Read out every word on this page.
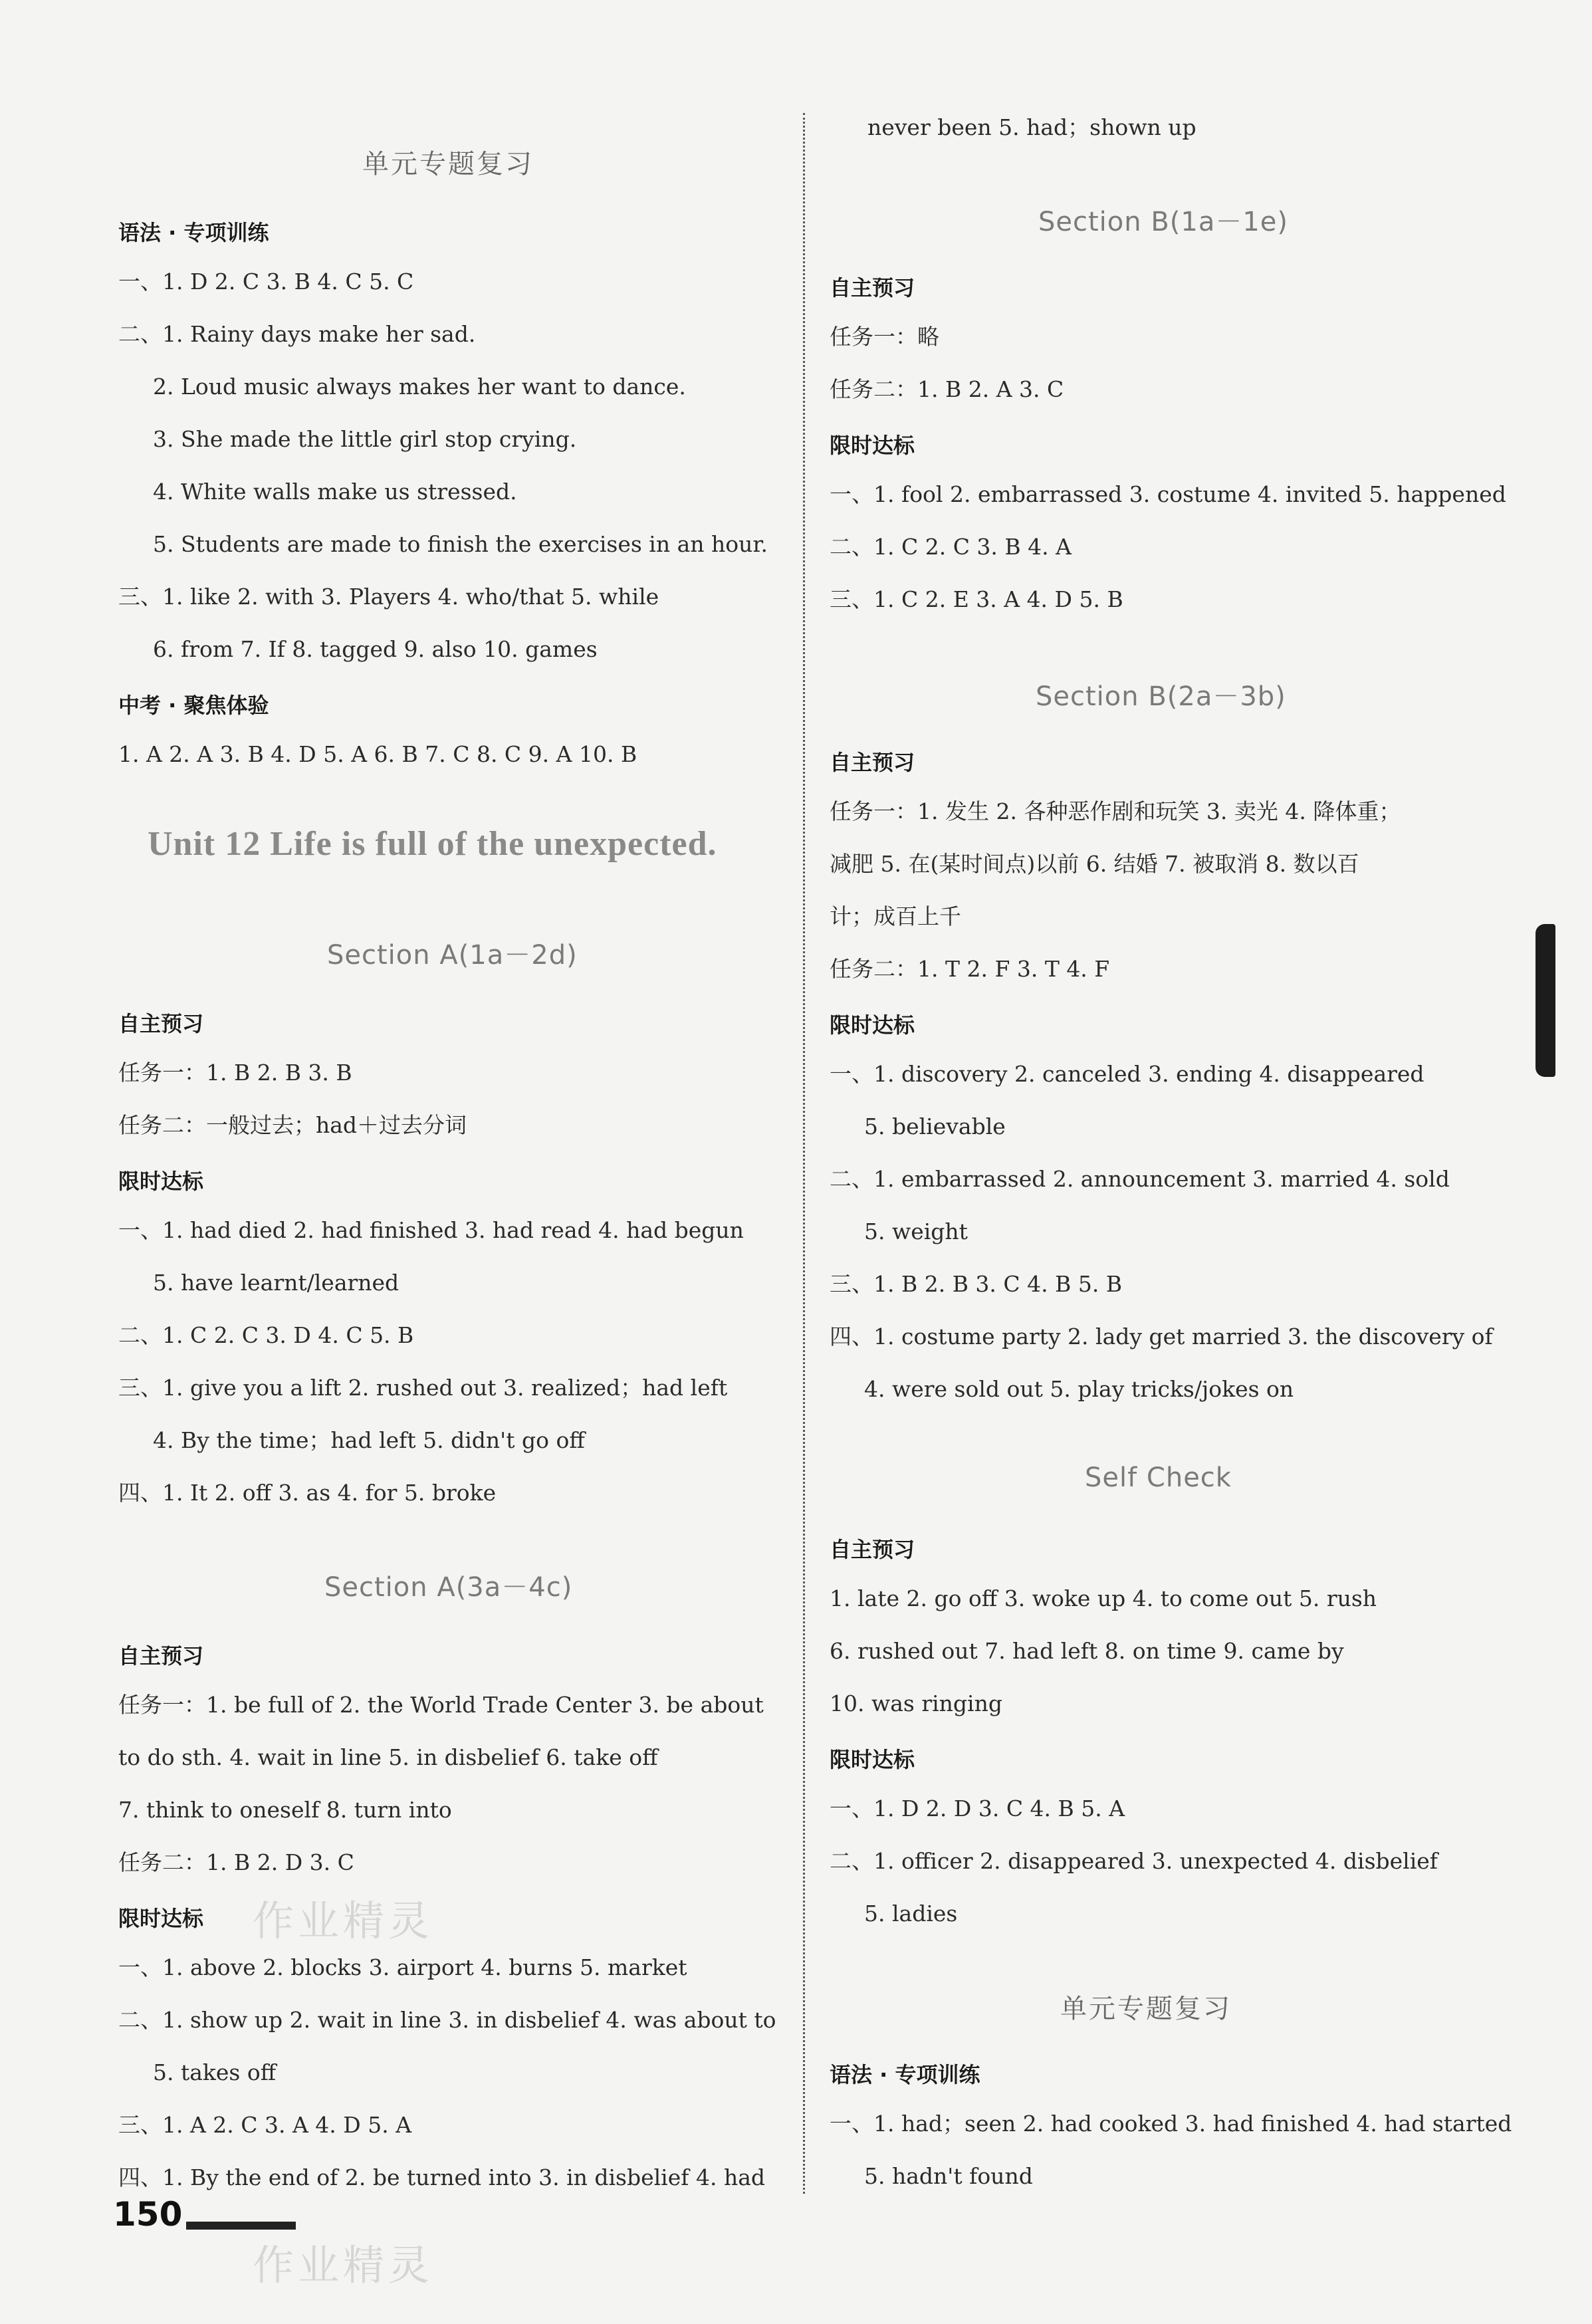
单元专题复习
语法 · 专项训练
一、1. D 2. C 3. B 4. C 5. C
二、1. Rainy days make her sad.
2. Loud music always makes her want to dance.
3. She made the little girl stop crying.
4. White walls make us stressed.
5. Students are made to finish the exercises in an hour.
三、1. like 2. with 3. Players 4. who/that 5. while
6. from 7. If 8. tagged 9. also 10. games
中考 · 聚焦体验
1. A 2. A 3. B 4. D 5. A 6. B 7. C 8. C 9. A 10. B
Unit 12 Life is full of the unexpected.
Section A(1a－2d)
自主预习
任务一：1. B 2. B 3. B
任务二：一般过去；had＋过去分词
限时达标
一、1. had died 2. had finished 3. had read 4. had begun
5. have learnt/learned
二、1. C 2. C 3. D 4. C 5. B
三、1. give you a lift 2. rushed out 3. realized；had left
4. By the time；had left 5. didn't go off
四、1. It 2. off 3. as 4. for 5. broke
Section A(3a－4c)
自主预习
任务一：1. be full of 2. the World Trade Center 3. be about
to do sth. 4. wait in line 5. in disbelief 6. take off
7. think to oneself 8. turn into
任务二：1. B 2. D 3. C
限时达标
一、1. above 2. blocks 3. airport 4. burns 5. market
二、1. show up 2. wait in line 3. in disbelief 4. was about to
5. takes off
三、1. A 2. C 3. A 4. D 5. A
四、1. By the end of 2. be turned into 3. in disbelief 4. had
never been 5. had；shown up
Section B(1a－1e)
自主预习
任务一：略
任务二：1. B 2. A 3. C
限时达标
一、1. fool 2. embarrassed 3. costume 4. invited 5. happened
二、1. C 2. C 3. B 4. A
三、1. C 2. E 3. A 4. D 5. B
Section B(2a－3b)
自主预习
任务一：1. 发生 2. 各种恶作剧和玩笑 3. 卖光 4. 降体重；
减肥 5. 在(某时间点)以前 6. 结婚 7. 被取消 8. 数以百
计；成百上千
任务二：1. T 2. F 3. T 4. F
限时达标
一、1. discovery 2. canceled 3. ending 4. disappeared
5. believable
二、1. embarrassed 2. announcement 3. married 4. sold
5. weight
三、1. B 2. B 3. C 4. B 5. B
四、1. costume party 2. lady get married 3. the discovery of
4. were sold out 5. play tricks/jokes on
Self Check
自主预习
1. late 2. go off 3. woke up 4. to come out 5. rush
6. rushed out 7. had left 8. on time 9. came by
10. was ringing
限时达标
一、1. D 2. D 3. C 4. B 5. A
二、1. officer 2. disappeared 3. unexpected 4. disbelief
5. ladies
单元专题复习
语法 · 专项训练
一、1. had；seen 2. had cooked 3. had finished 4. had started
5. hadn't found
作业精灵
作业精灵
150
